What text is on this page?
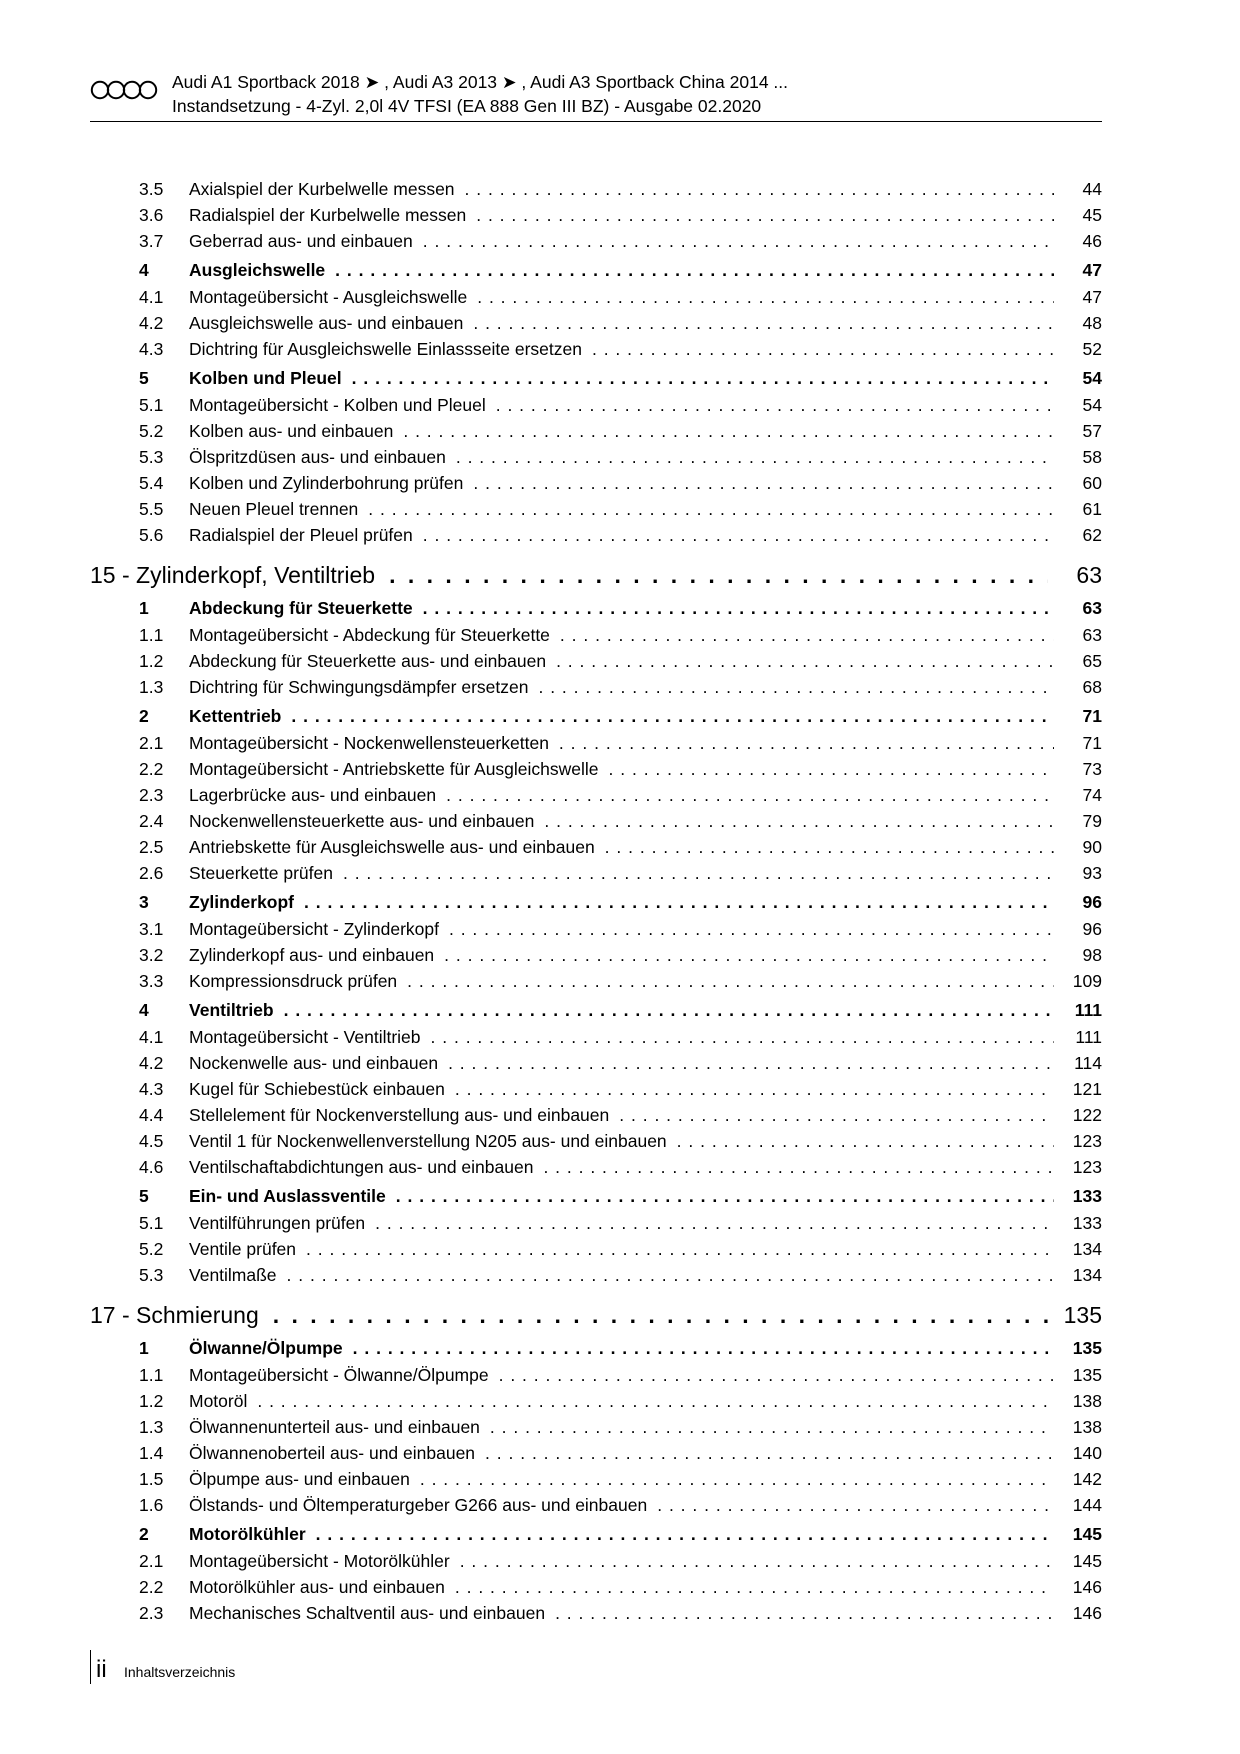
Audi A1 Sportback 2018 ➤ , Audi A3 2013 ➤ , Audi A3 Sportback China 2014 ...
Instandsetzung - 4-Zyl. 2,0l 4V TFSI (EA 888 Gen III BZ) - Ausgabe 02.2020
3.5	Axialspiel der Kurbelwelle messen . . .	44
3.6	Radialspiel der Kurbelwelle messen . . .	45
3.7	Geberrad aus- und einbauen . . .	46
4	Ausgleichswelle . . .	47
4.1	Montageübersicht - Ausgleichswelle . . .	47
4.2	Ausgleichswelle aus- und einbauen . . .	48
4.3	Dichtring für Ausgleichswelle Einlassseite ersetzen . . .	52
5	Kolben und Pleuel . . .	54
5.1	Montageübersicht - Kolben und Pleuel . . .	54
5.2	Kolben aus- und einbauen . . .	57
5.3	Ölspritzdüsen aus- und einbauen . . .	58
5.4	Kolben und Zylinderbohrung prüfen . . .	60
5.5	Neuen Pleuel trennen . . .	61
5.6	Radialspiel der Pleuel prüfen . . .	62
15 - Zylinderkopf, Ventiltrieb . . .	63
1	Abdeckung für Steuerkette . . .	63
1.1	Montageübersicht - Abdeckung für Steuerkette . . .	63
1.2	Abdeckung für Steuerkette aus- und einbauen . . .	65
1.3	Dichtring für Schwingungsdämpfer ersetzen . . .	68
2	Kettentrieb . . .	71
2.1	Montageübersicht - Nockenwellensteuerketten . . .	71
2.2	Montageübersicht - Antriebskette für Ausgleichswelle . . .	73
2.3	Lagerbrücke aus- und einbauen . . .	74
2.4	Nockenwellensteuerkette aus- und einbauen . . .	79
2.5	Antriebskette für Ausgleichswelle aus- und einbauen . . .	90
2.6	Steuerkette prüfen . . .	93
3	Zylinderkopf . . .	96
3.1	Montageübersicht - Zylinderkopf . . .	96
3.2	Zylinderkopf aus- und einbauen . . .	98
3.3	Kompressionsdruck prüfen . . .	109
4	Ventiltrieb . . .	111
4.1	Montageübersicht - Ventiltrieb . . .	111
4.2	Nockenwelle aus- und einbauen . . .	114
4.3	Kugel für Schiebestück einbauen . . .	121
4.4	Stellelement für Nockenverstellung aus- und einbauen . . .	122
4.5	Ventil 1 für Nockenwellenverstellung N205 aus- und einbauen . . .	123
4.6	Ventilschaftabdichtungen aus- und einbauen . . .	123
5	Ein- und Auslassventile . . .	133
5.1	Ventilführungen prüfen . . .	133
5.2	Ventile prüfen . . .	134
5.3	Ventilmaße . . .	134
17 - Schmierung . . .	135
1	Ölwanne/Ölpumpe . . .	135
1.1	Montageübersicht - Ölwanne/Ölpumpe . . .	135
1.2	Motoröl . . .	138
1.3	Ölwannenunterteil aus- und einbauen . . .	138
1.4	Ölwannenoberteil aus- und einbauen . . .	140
1.5	Ölpumpe aus- und einbauen . . .	142
1.6	Ölstands- und Öltemperaturgeber G266 aus- und einbauen . . .	144
2	Motorölkühler . . .	145
2.1	Montageübersicht - Motorölkühler . . .	145
2.2	Motorölkühler aus- und einbauen . . .	146
2.3	Mechanisches Schaltventil aus- und einbauen . . .	146
ii Inhaltsverzeichnis
